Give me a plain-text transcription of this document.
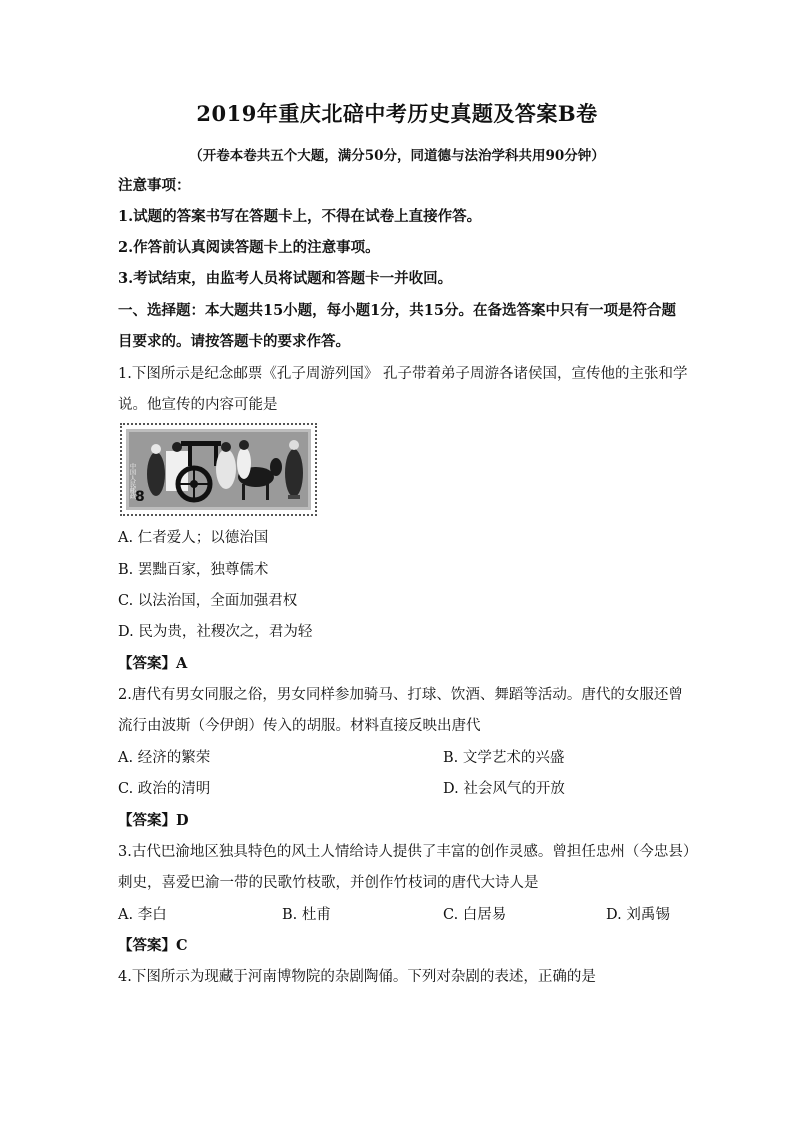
2019年重庆北碚中考历史真题及答案B卷
（开卷本卷共五个大题，满分50分，同道德与法治学科共用90分钟）
注意事项：
1.试题的答案书写在答题卡上，不得在试卷上直接作答。
2.作答前认真阅读答题卡上的注意事项。
3.考试结束，由监考人员将试题和答题卡一并收回。
一、选择题：本大题共15小题，每小题1分，共15分。在备选答案中只有一项是符合题
目要求的。请按答题卡的要求作答。
1.下图所示是纪念邮票《孔子周游列国》 孔子带着弟子周游各诸侯国，宣传他的主张和学
说。他宣传的内容可能是
8
中国人民邮政
A. 仁者爱人；以德治国
B. 罢黜百家，独尊儒术
C. 以法治国，全面加强君权
D. 民为贵，社稷次之，君为轻
【答案】A
2.唐代有男女同服之俗，男女同样参加骑马、打球、饮酒、舞蹈等活动。唐代的女服还曾
流行由波斯（今伊朗）传入的胡服。材料直接反映出唐代
A. 经济的繁荣	B. 文学艺术的兴盛
C. 政治的清明	D. 社会风气的开放
【答案】D
3.古代巴渝地区独具特色的风土人情给诗人提供了丰富的创作灵感。曾担任忠州（今忠县）
刺史，喜爱巴渝一带的民歌竹枝歌，并创作竹枝词的唐代大诗人是
A. 李白	B. 杜甫	C. 白居易	D. 刘禹锡
【答案】C
4.下图所示为现藏于河南博物院的杂剧陶俑。下列对杂剧的表述，正确的是
